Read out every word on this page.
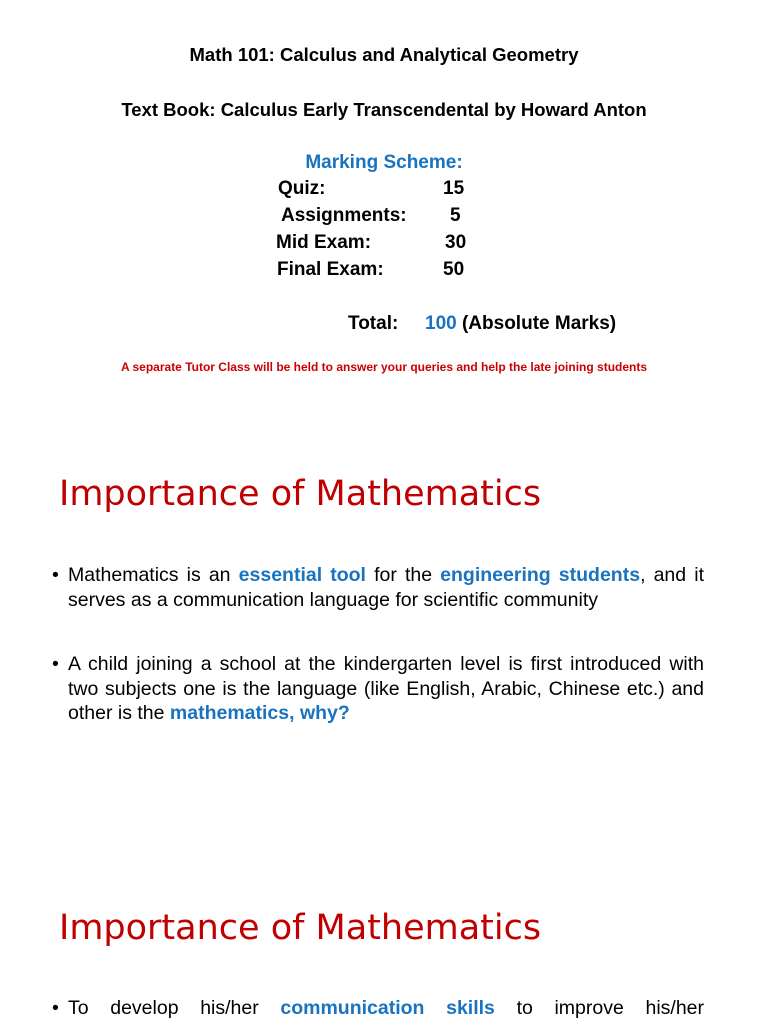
Math 101: Calculus and Analytical Geometry
Text Book: Calculus Early Transcendental by Howard Anton
Marking Scheme:
Quiz:	15
Assignments: 5
Mid Exam:	30
Final Exam:	50
Total: 100 (Absolute Marks)
A separate Tutor Class will be held to answer your queries and help the late joining students
Importance of Mathematics
• Mathematics is an essential tool for the engineering students, and it serves as a communication language for scientific community
• A child joining a school at the kindergarten level is first introduced with two subjects one is the language (like English, Arabic, Chinese etc.) and other is the mathematics, why?
Importance of Mathematics
• To develop his/her communication skills to improve his/her
